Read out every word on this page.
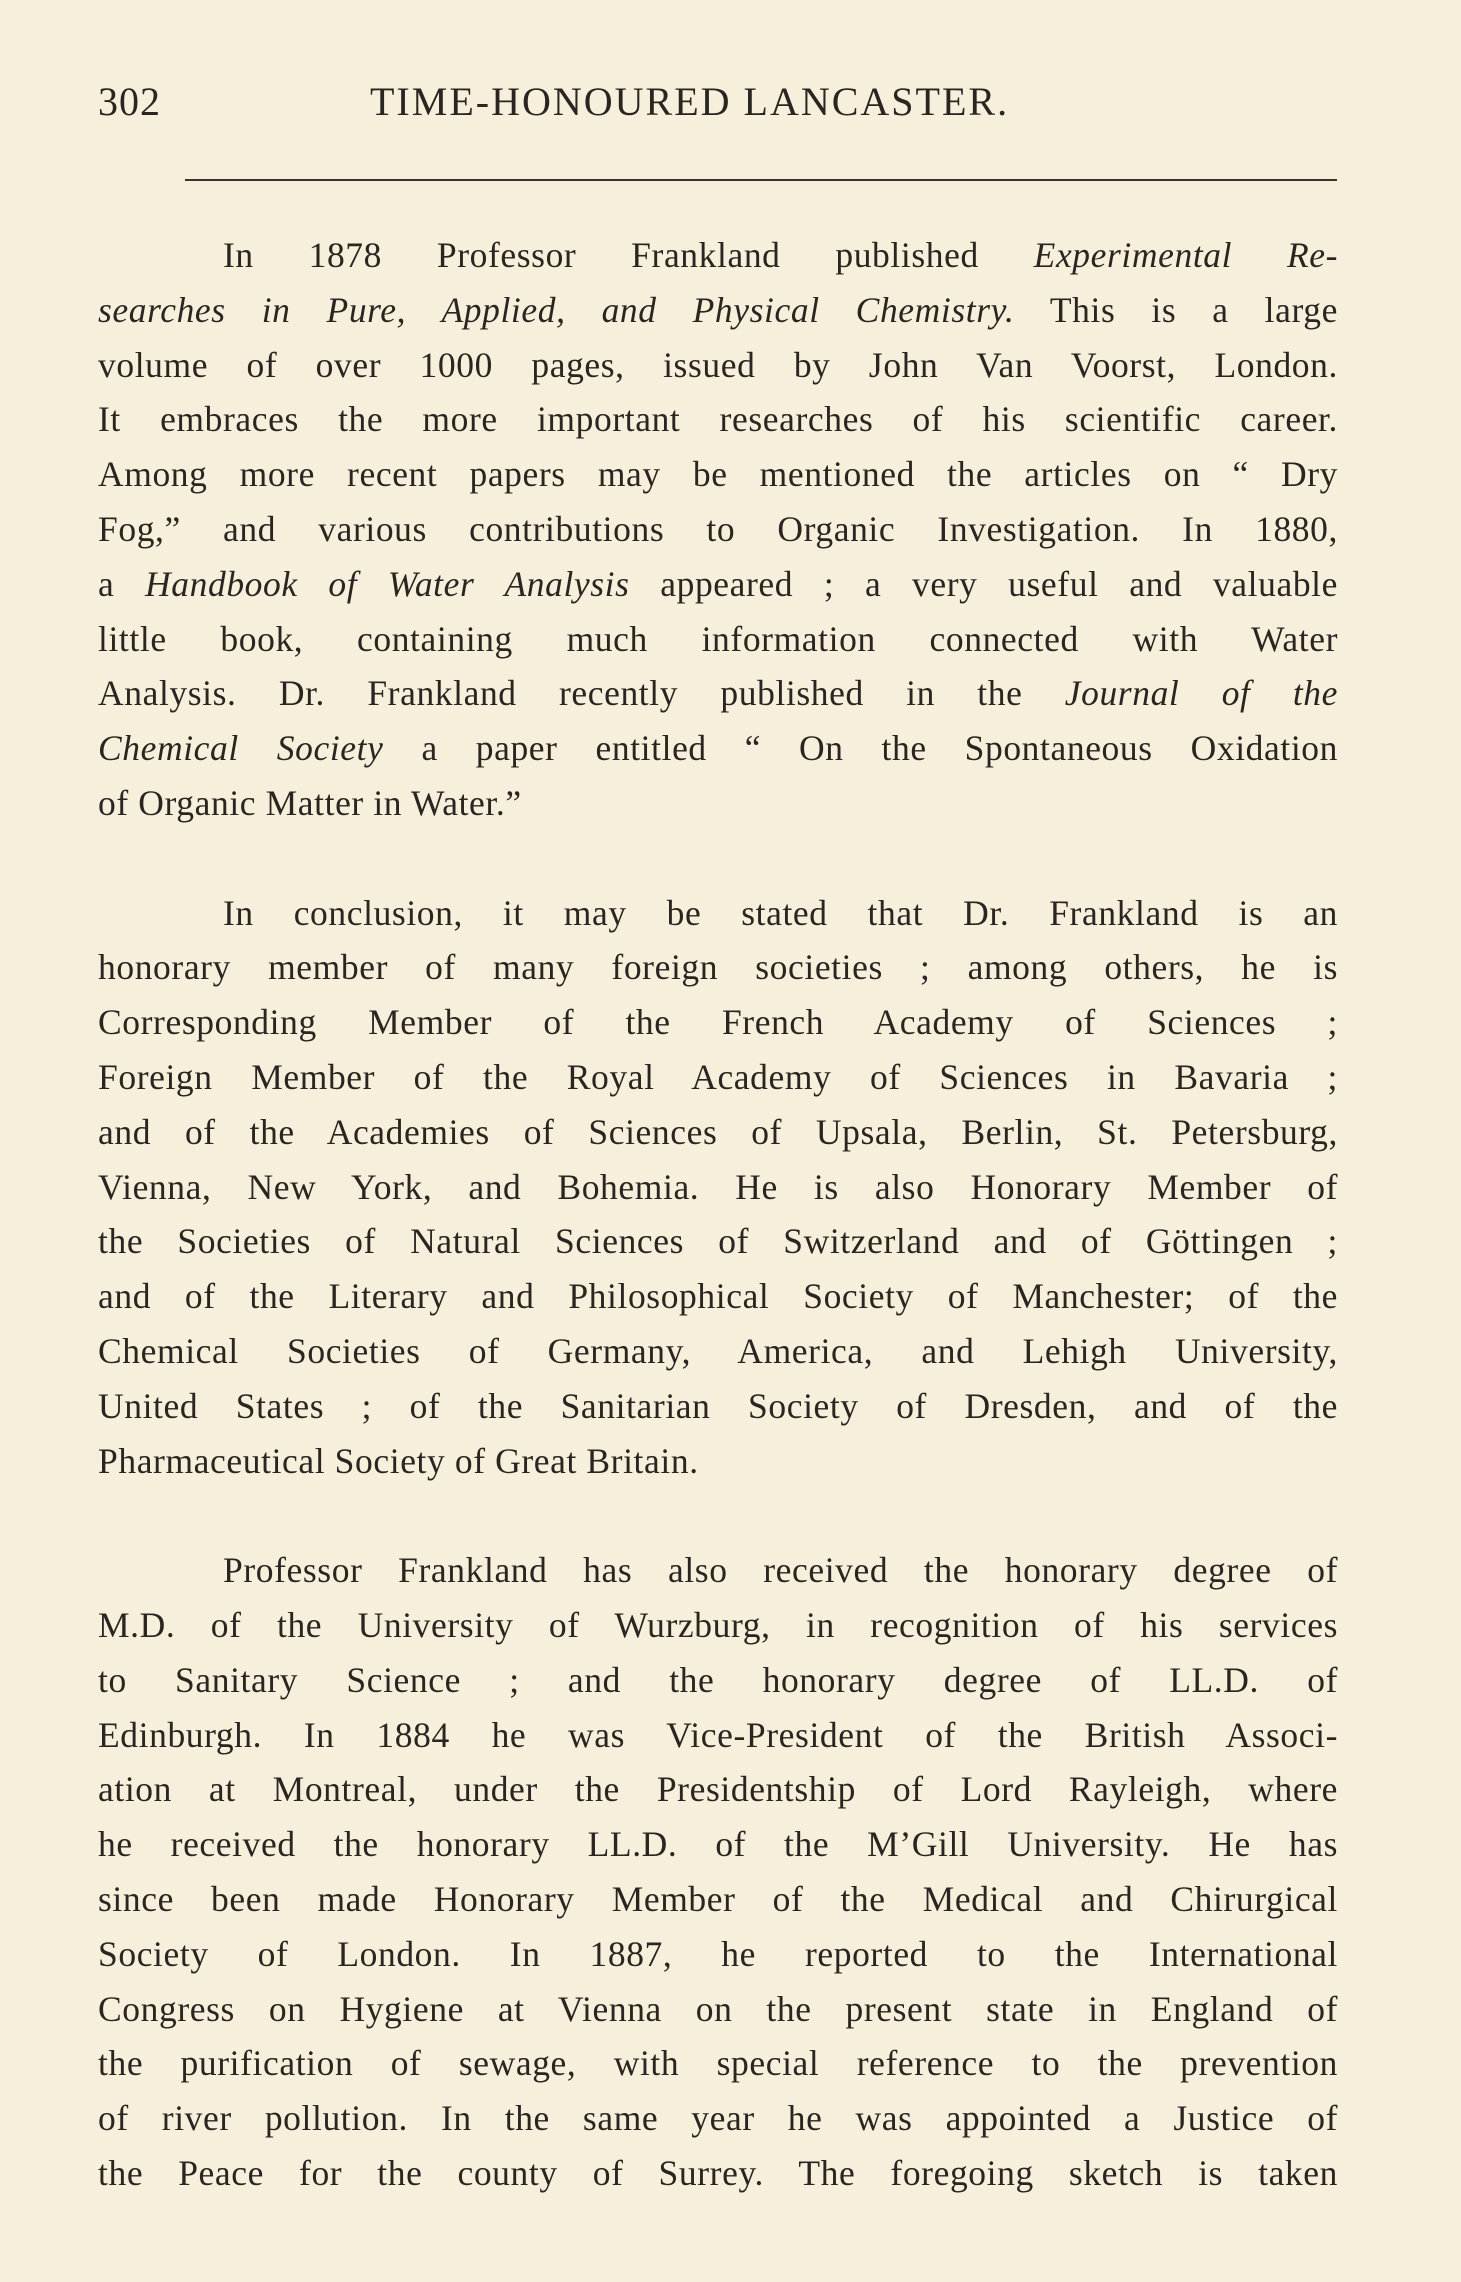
302	TIME-HONOURED LANCASTER.
In 1878 Professor Frankland published Experimental Re-
searches in Pure, Applied, and Physical Chemistry. This is a large
volume of over 1000 pages, issued by John Van Voorst, London.
It embraces the more important researches of his scientific career.
Among more recent papers may be mentioned the articles on “ Dry
Fog,” and various contributions to Organic Investigation. In 1880,
a Handbook of Water Analysis appeared ; a very useful and valuable
little book, containing much information connected with Water
Analysis. Dr. Frankland recently published in the Journal of the
Chemical Society a paper entitled “ On the Spontaneous Oxidation
of Organic Matter in Water.”
In conclusion, it may be stated that Dr. Frankland is an
honorary member of many foreign societies ; among others, he is
Corresponding Member of the French Academy of Sciences ;
Foreign Member of the Royal Academy of Sciences in Bavaria ;
and of the Academies of Sciences of Upsala, Berlin, St. Petersburg,
Vienna, New York, and Bohemia. He is also Honorary Member of
the Societies of Natural Sciences of Switzerland and of Göttingen ;
and of the Literary and Philosophical Society of Manchester; of the
Chemical Societies of Germany, America, and Lehigh University,
United States ; of the Sanitarian Society of Dresden, and of the
Pharmaceutical Society of Great Britain.
Professor Frankland has also received the honorary degree of
M.D. of the University of Wurzburg, in recognition of his services
to Sanitary Science ; and the honorary degree of LL.D. of
Edinburgh. In 1884 he was Vice-President of the British Associ-
ation at Montreal, under the Presidentship of Lord Rayleigh, where
he received the honorary LL.D. of the M’Gill University. He has
since been made Honorary Member of the Medical and Chirurgical
Society of London. In 1887, he reported to the International
Congress on Hygiene at Vienna on the present state in England of
the purification of sewage, with special reference to the prevention
of river pollution. In the same year he was appointed a Justice of
the Peace for the county of Surrey. The foregoing sketch is taken
